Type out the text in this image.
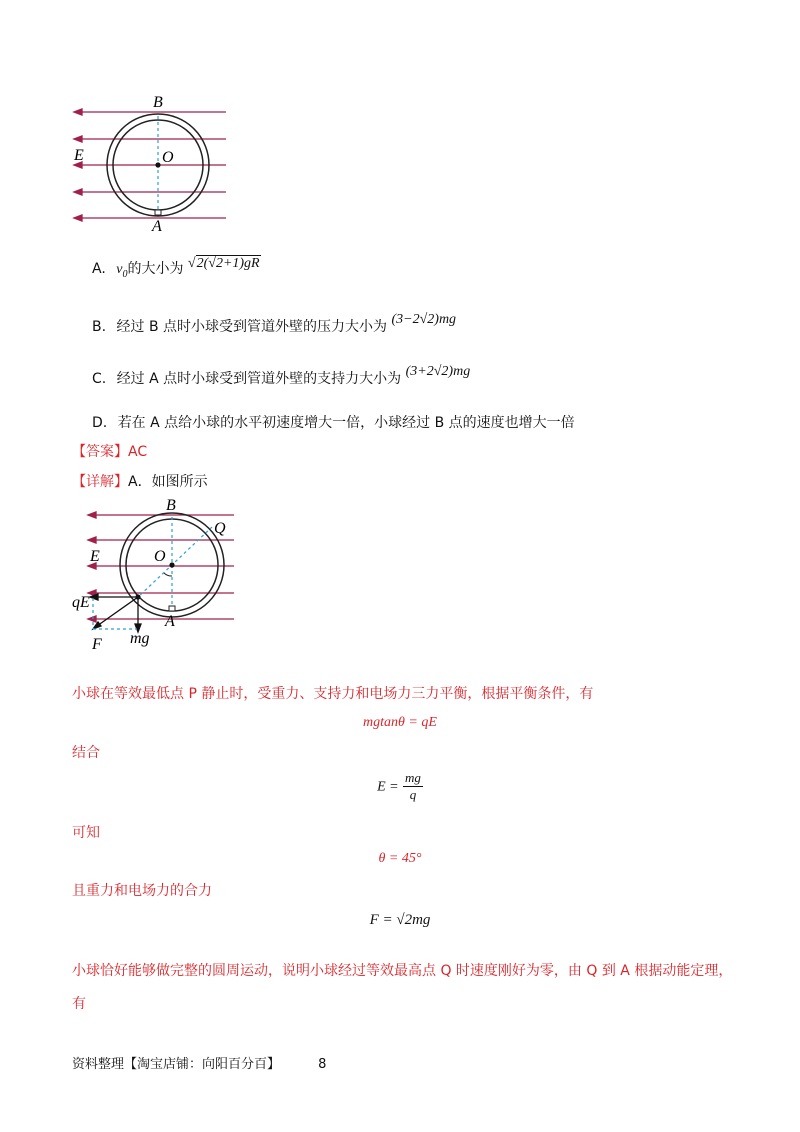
B
O
E
A
A. $v_0$的大小为 √2(√2+1)gR
B. 经过 B 点时小球受到管道外壁的压力大小为 (3−2√2)mg
C. 经过 A 点时小球受到管道外壁的支持力大小为 (3+2√2)mg
D. 若在 A 点给小球的水平初速度增大一倍，小球经过 B 点的速度也增大一倍
【答案】AC
【详解】A．如图所示
B
Q
O
E
qE
A
mg
F
小球在等效最低点 P 静止时，受重力、支持力和电场力三力平衡，根据平衡条件，有
mgtanθ = qE
结合
$E = \frac{mg}{q}$
可知
θ = 45°
且重力和电场力的合力
F = √2mg
小球恰好能够做完整的圆周运动，说明小球经过等效最高点 Q 时速度刚好为零，由 Q 到 A 根据动能定理，
有
资料整理【淘宝店铺：向阳百分百】	8
